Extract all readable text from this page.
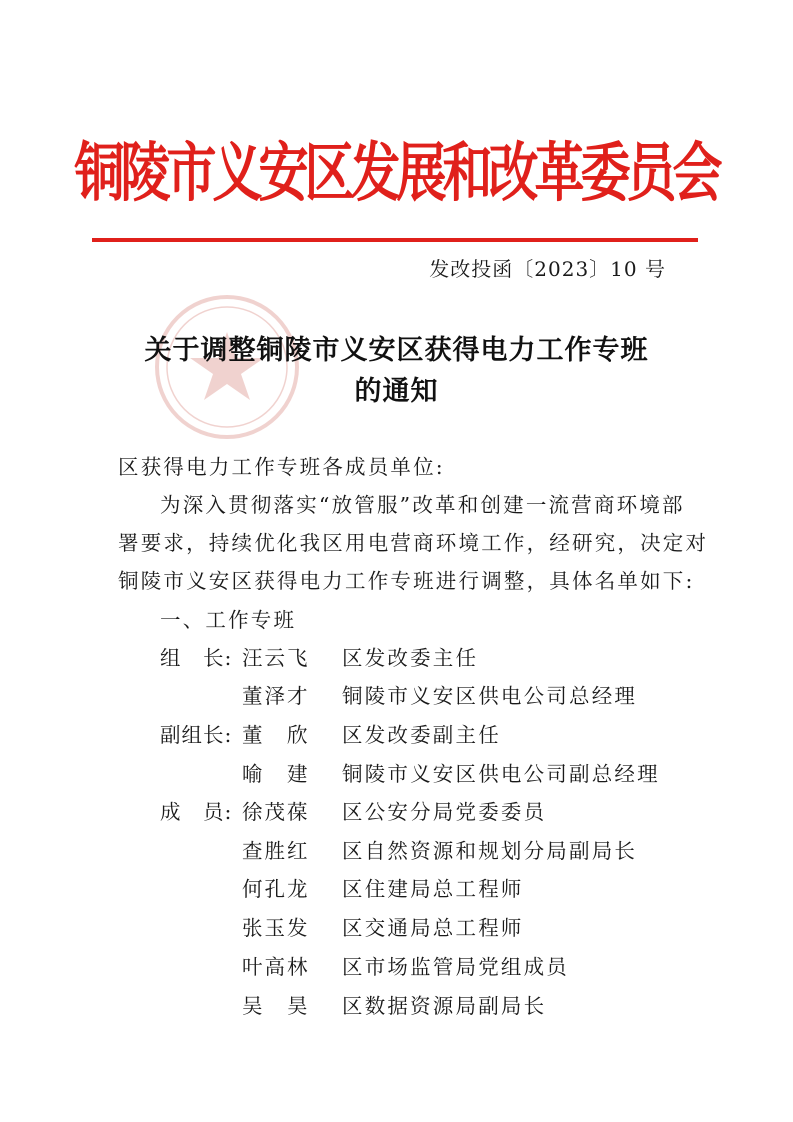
铜陵市义安区发展和改革委员会
发改投函〔2023〕10 号
关于调整铜陵市义安区获得电力工作专班
的通知
区获得电力工作专班各成员单位:
为深入贯彻落实“放管服”改革和创建一流营商环境部
署要求，持续优化我区用电营商环境工作，经研究，决定对
铜陵市义安区获得电力工作专班进行调整，具体名单如下:
一、工作专班
组　长: 汪云飞 区发改委主任
董泽才 铜陵市义安区供电公司总经理
副组长: 董　欣 区发改委副主任
喻　建 铜陵市义安区供电公司副总经理
成　员: 徐茂葆 区公安分局党委委员
查胜红 区自然资源和规划分局副局长
何孔龙 区住建局总工程师
张玉发 区交通局总工程师
叶高林 区市场监管局党组成员
吴　昊 区数据资源局副局长
